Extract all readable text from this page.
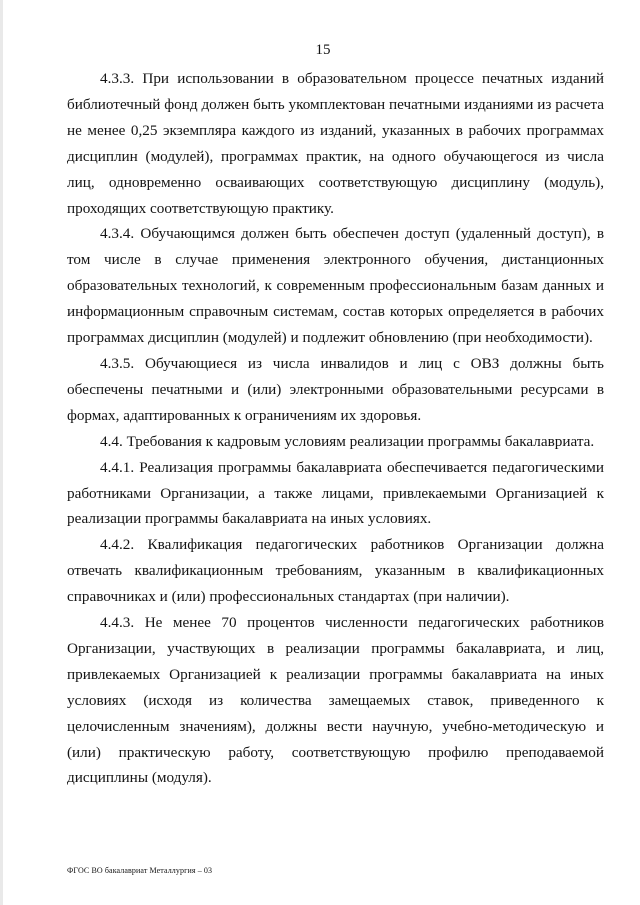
15

4.3.3. При использовании в образовательном процессе печатных изданий библиотечный фонд должен быть укомплектован печатными изданиями из расчета не менее 0,25 экземпляра каждого из изданий, указанных в рабочих программах дисциплин (модулей), программах практик, на одного обучающегося из числа лиц, одновременно осваивающих соответствующую дисциплину (модуль), проходящих соответствующую практику.

4.3.4. Обучающимся должен быть обеспечен доступ (удаленный доступ), в том числе в случае применения электронного обучения, дистанционных образовательных технологий, к современным профессиональным базам данных и информационным справочным системам, состав которых определяется в рабочих программах дисциплин (модулей) и подлежит обновлению (при необходимости).

4.3.5. Обучающиеся из числа инвалидов и лиц с ОВЗ должны быть обеспечены печатными и (или) электронными образовательными ресурсами в формах, адаптированных к ограничениям их здоровья.

4.4. Требования к кадровым условиям реализации программы бакалавриата.

4.4.1. Реализация программы бакалавриата обеспечивается педагогическими работниками Организации, а также лицами, привлекаемыми Организацией к реализации программы бакалавриата на иных условиях.

4.4.2. Квалификация педагогических работников Организации должна отвечать квалификационным требованиям, указанным в квалификационных справочниках и (или) профессиональных стандартах (при наличии).

4.4.3. Не менее 70 процентов численности педагогических работников Организации, участвующих в реализации программы бакалавриата, и лиц, привлекаемых Организацией к реализации программы бакалавриата на иных условиях (исходя из количества замещаемых ставок, приведенного к целочисленным значениям), должны вести научную, учебно-методическую и (или) практическую работу, соответствующую профилю преподаваемой дисциплины (модуля).

ФГОС ВО бакалавриат Металлургия – 03
